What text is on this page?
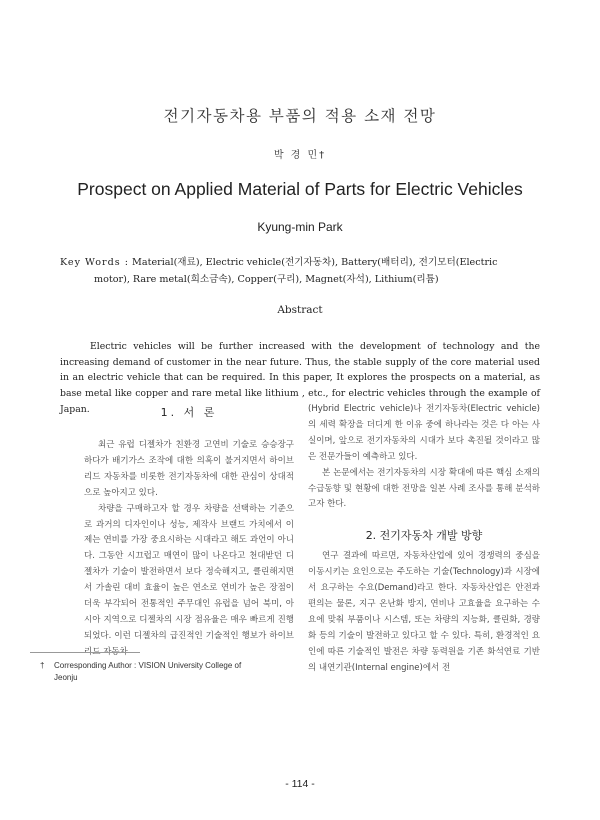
전기자동차용 부품의 적용 소재 전망
박 경 민†
Prospect on Applied Material of Parts for Electric Vehicles
Kyung-min Park
Key Words : Material(재료), Electric vehicle(전기자동차), Battery(배터리), 전기모터(Electric
motor), Rare metal(희소금속), Copper(구리), Magnet(자석), Lithium(리튬)
Abstract

Electric vehicles will be further increased with the development of technology and the increasing demand of customer in the near future. Thus, the stable supply of the core material used in an electric vehicle that can be required. In this paper, It explores the prospects on a material, as base metal like copper and rare metal like lithium , etc., for electric vehicles through the example of Japan.	1. 서 론

최근 유럽 디젤차가 친환경 고연비 기술로 승승장구하다가 배기가스 조작에 대한 의혹이 불거지면서 하이브리드 자동차를 비롯한 전기자동차에 대한 관심이 상대적으로 높아지고 있다.

차량을 구매하고자 할 경우 차량을 선택하는 기준으로 과거의 디자인이나 성능, 제작사 브랜드 가치에서 이제는 연비를 가장 중요시하는 시대라고 해도 과언이 아니다. 그동안 시끄럽고 매연이 많이 나온다고 천대받던 디젤차가 기술이 발전하면서 보다 정숙해지고, 클린해지면서 가솔린 대비 효율이 높은 연소로 연비가 높은 장점이 더욱 부각되어 전통적인 주무대인 유럽을 넘어 북미, 아시아 지역으로 디젤차의 시장 점유율은 매우 빠르게 진행되었다. 이런 디젤차의 급진적인 기술적인 행보가 하이브리드 자동차

(Hybrid Electric vehicle)나 전기자동차(Electric vehicle)의 세력 확장을 더디게 한 이유 중에 하나라는 것은 다 아는 사실이며, 앞으로 전기자동차의 시대가 보다 촉진될 것이라고 많은 전문가들이 예측하고 있다.

본 논문에서는 전기자동차의 시장 확대에 따른 핵심 소재의 수급동향 및 현황에 대한 전망을 일본 사례 조사를 통해 분석하고자 한다.

2. 전기자동차 개발 방향

연구 결과에 따르면, 자동차산업에 있어 경쟁력의 중심을 이동시키는 요인으로는 주도하는 기술(Technology)과 시장에서 요구하는 수요(Demand)라고 한다. 자동차산업은 안전과 편의는 물론, 지구 온난화 방지, 연비나 고효율을 요구하는 수요에 맞춰 부품이나 시스템, 또는 차량의 지능화, 클린화, 경량화 등의 기술이 발전하고 있다고 할 수 있다. 특히, 환경적인 요인에 따른 기술적인 발전은 차량 동력원을 기존 화석연료 기반의 내연기관(Internal engine)에서 전

† Corresponding Author : VISION University College of
Jeonju
- 114 -
